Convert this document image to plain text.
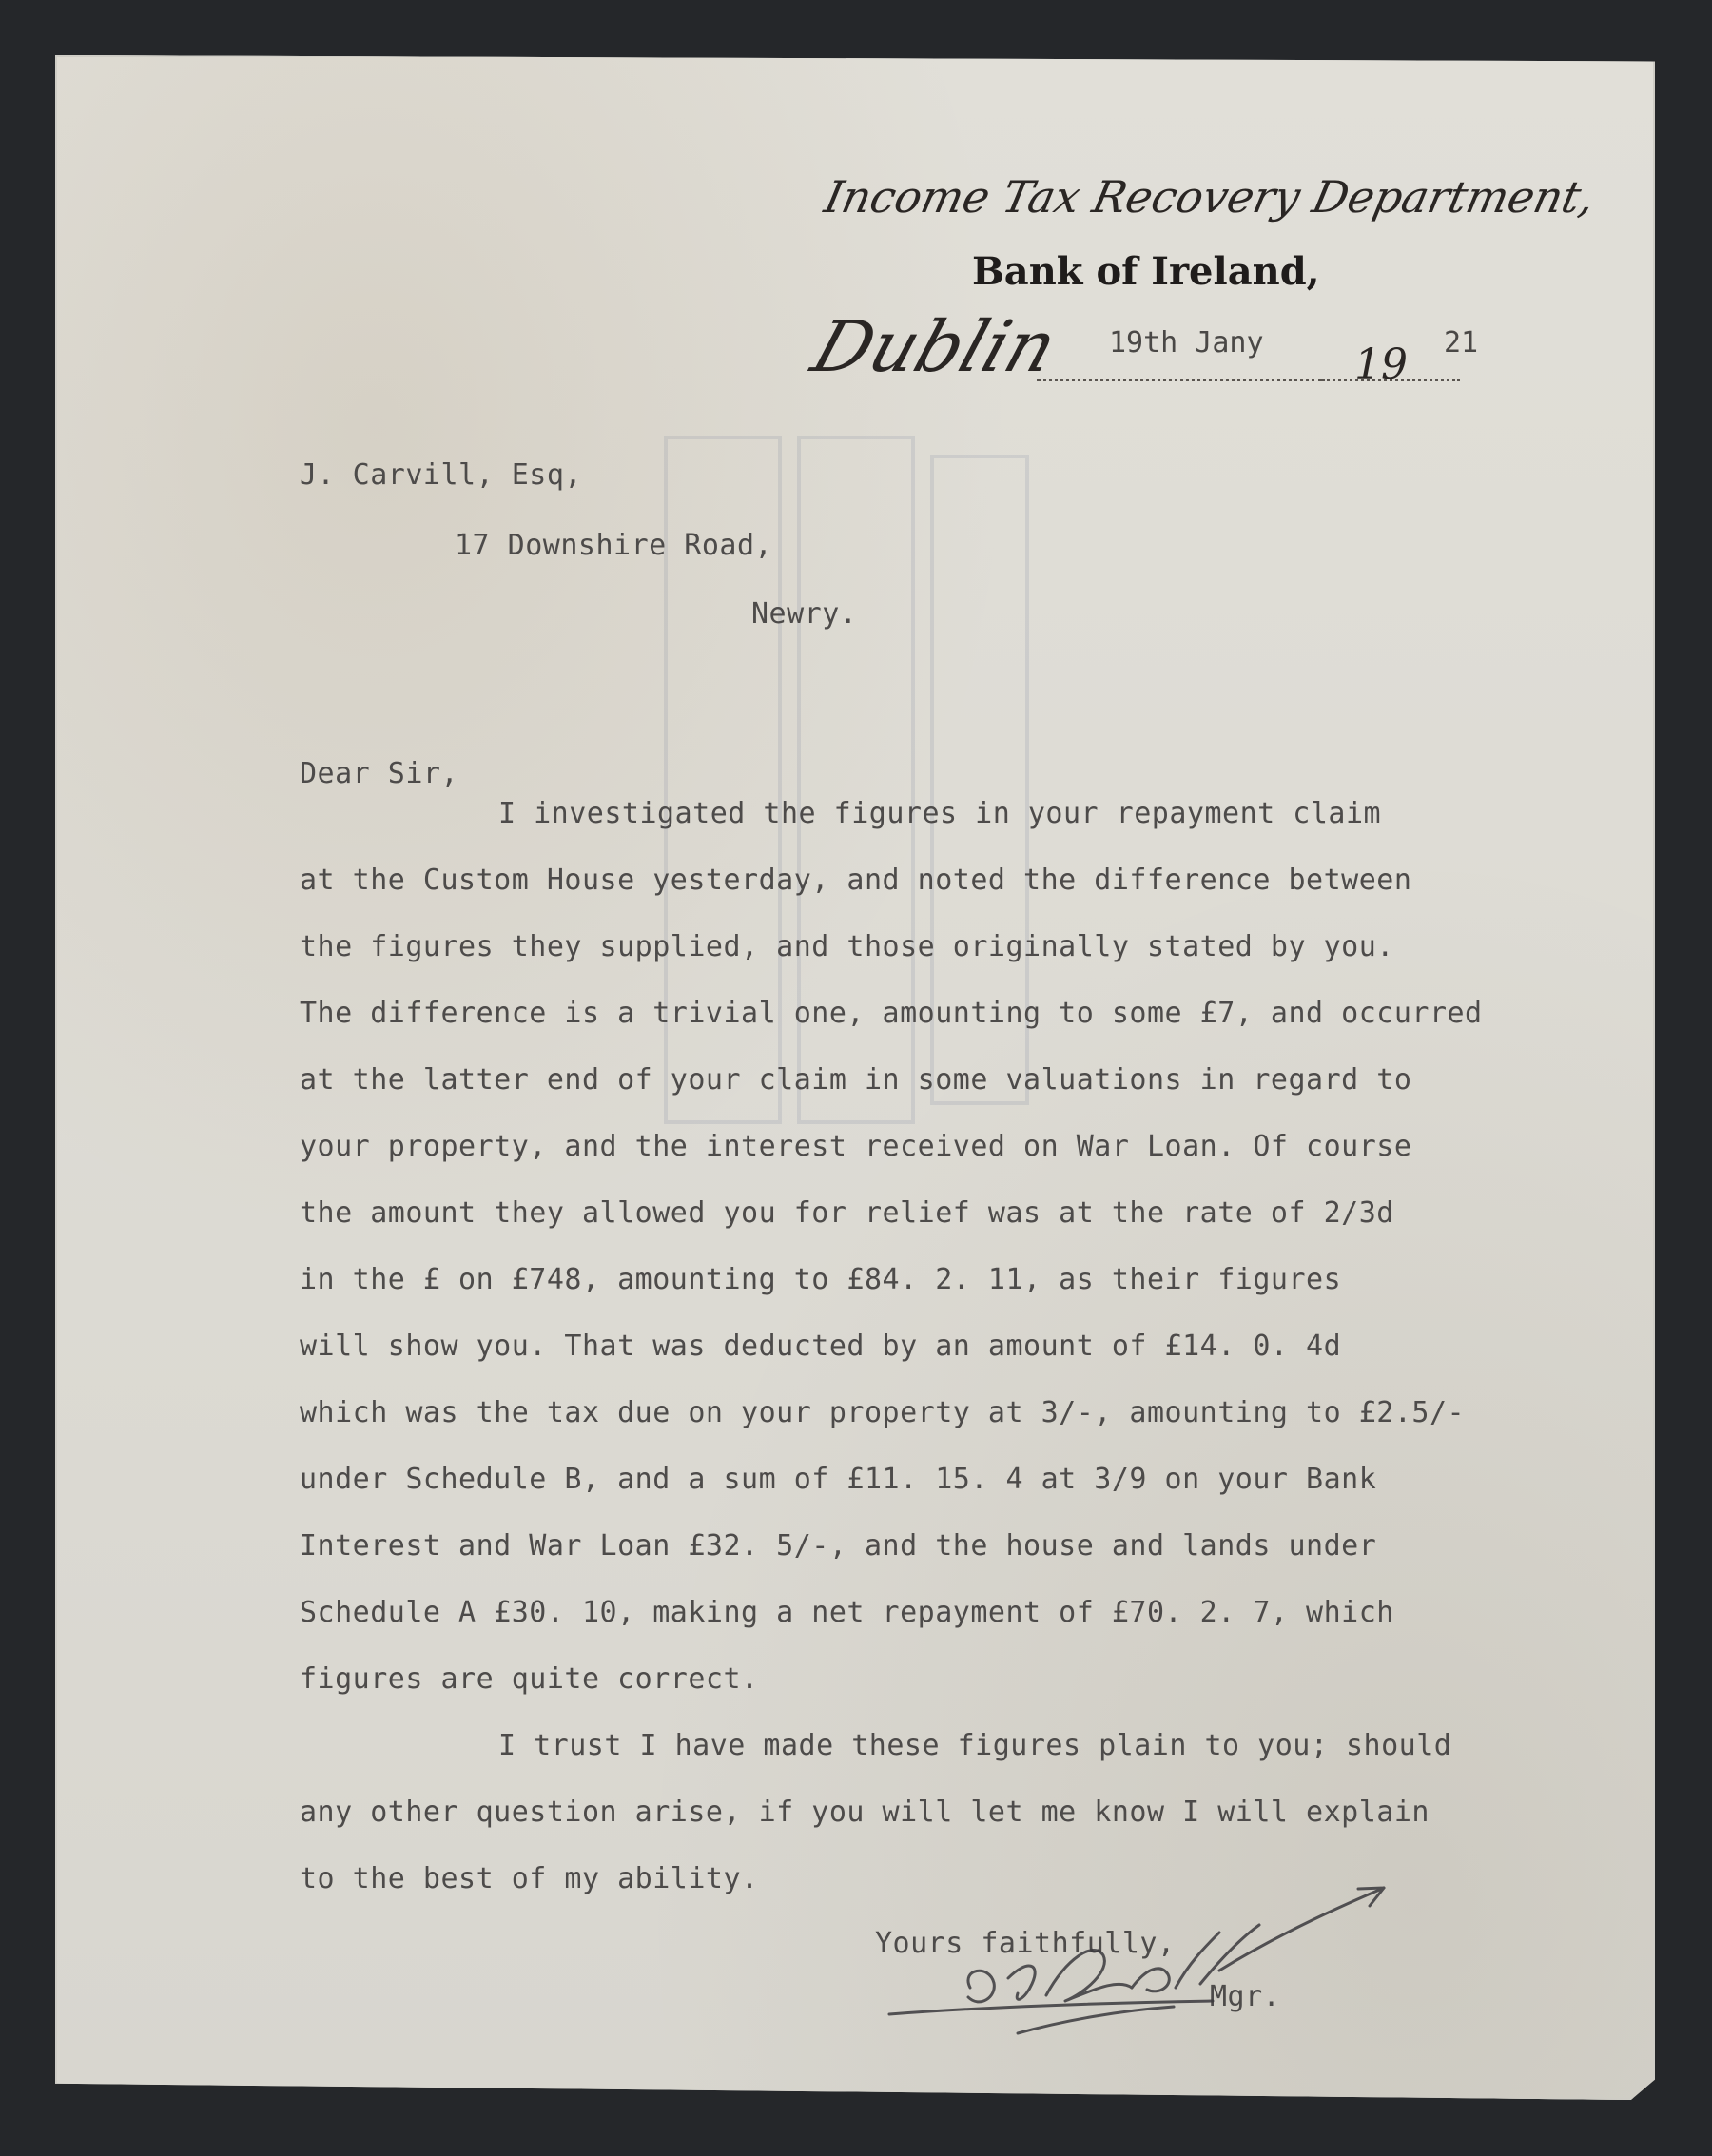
Income Tax Recovery Department,
Bank of Ireland,
Dublin 19th Jany 19 21
J. Carvill, Esq,
17 Downshire Road,
Newry.
Dear Sir,
I investigated the figures in your repayment claim
at the Custom House yesterday, and noted the difference between
the figures they supplied, and those originally stated by you.
The difference is a trivial one, amounting to some £7, and occurred
at the latter end of your claim in some valuations in regard to
your property, and the interest received on War Loan. Of course
the amount they allowed you for relief was at the rate of 2/3d
in the £ on £748, amounting to £84. 2. 11, as their figures
will show you. That was deducted by an amount of £14. 0. 4d
which was the tax due on your property at 3/-, amounting to £2.5/-
under Schedule B, and a sum of £11. 15. 4 at 3/9 on your Bank
Interest and War Loan £32. 5/-, and the house and lands under
Schedule A £30. 10, making a net repayment of £70. 2. 7, which
figures are quite correct.
I trust I have made these figures plain to you; should
any other question arise, if you will let me know I will explain
to the best of my ability.
Yours faithfully,
Mgr.
